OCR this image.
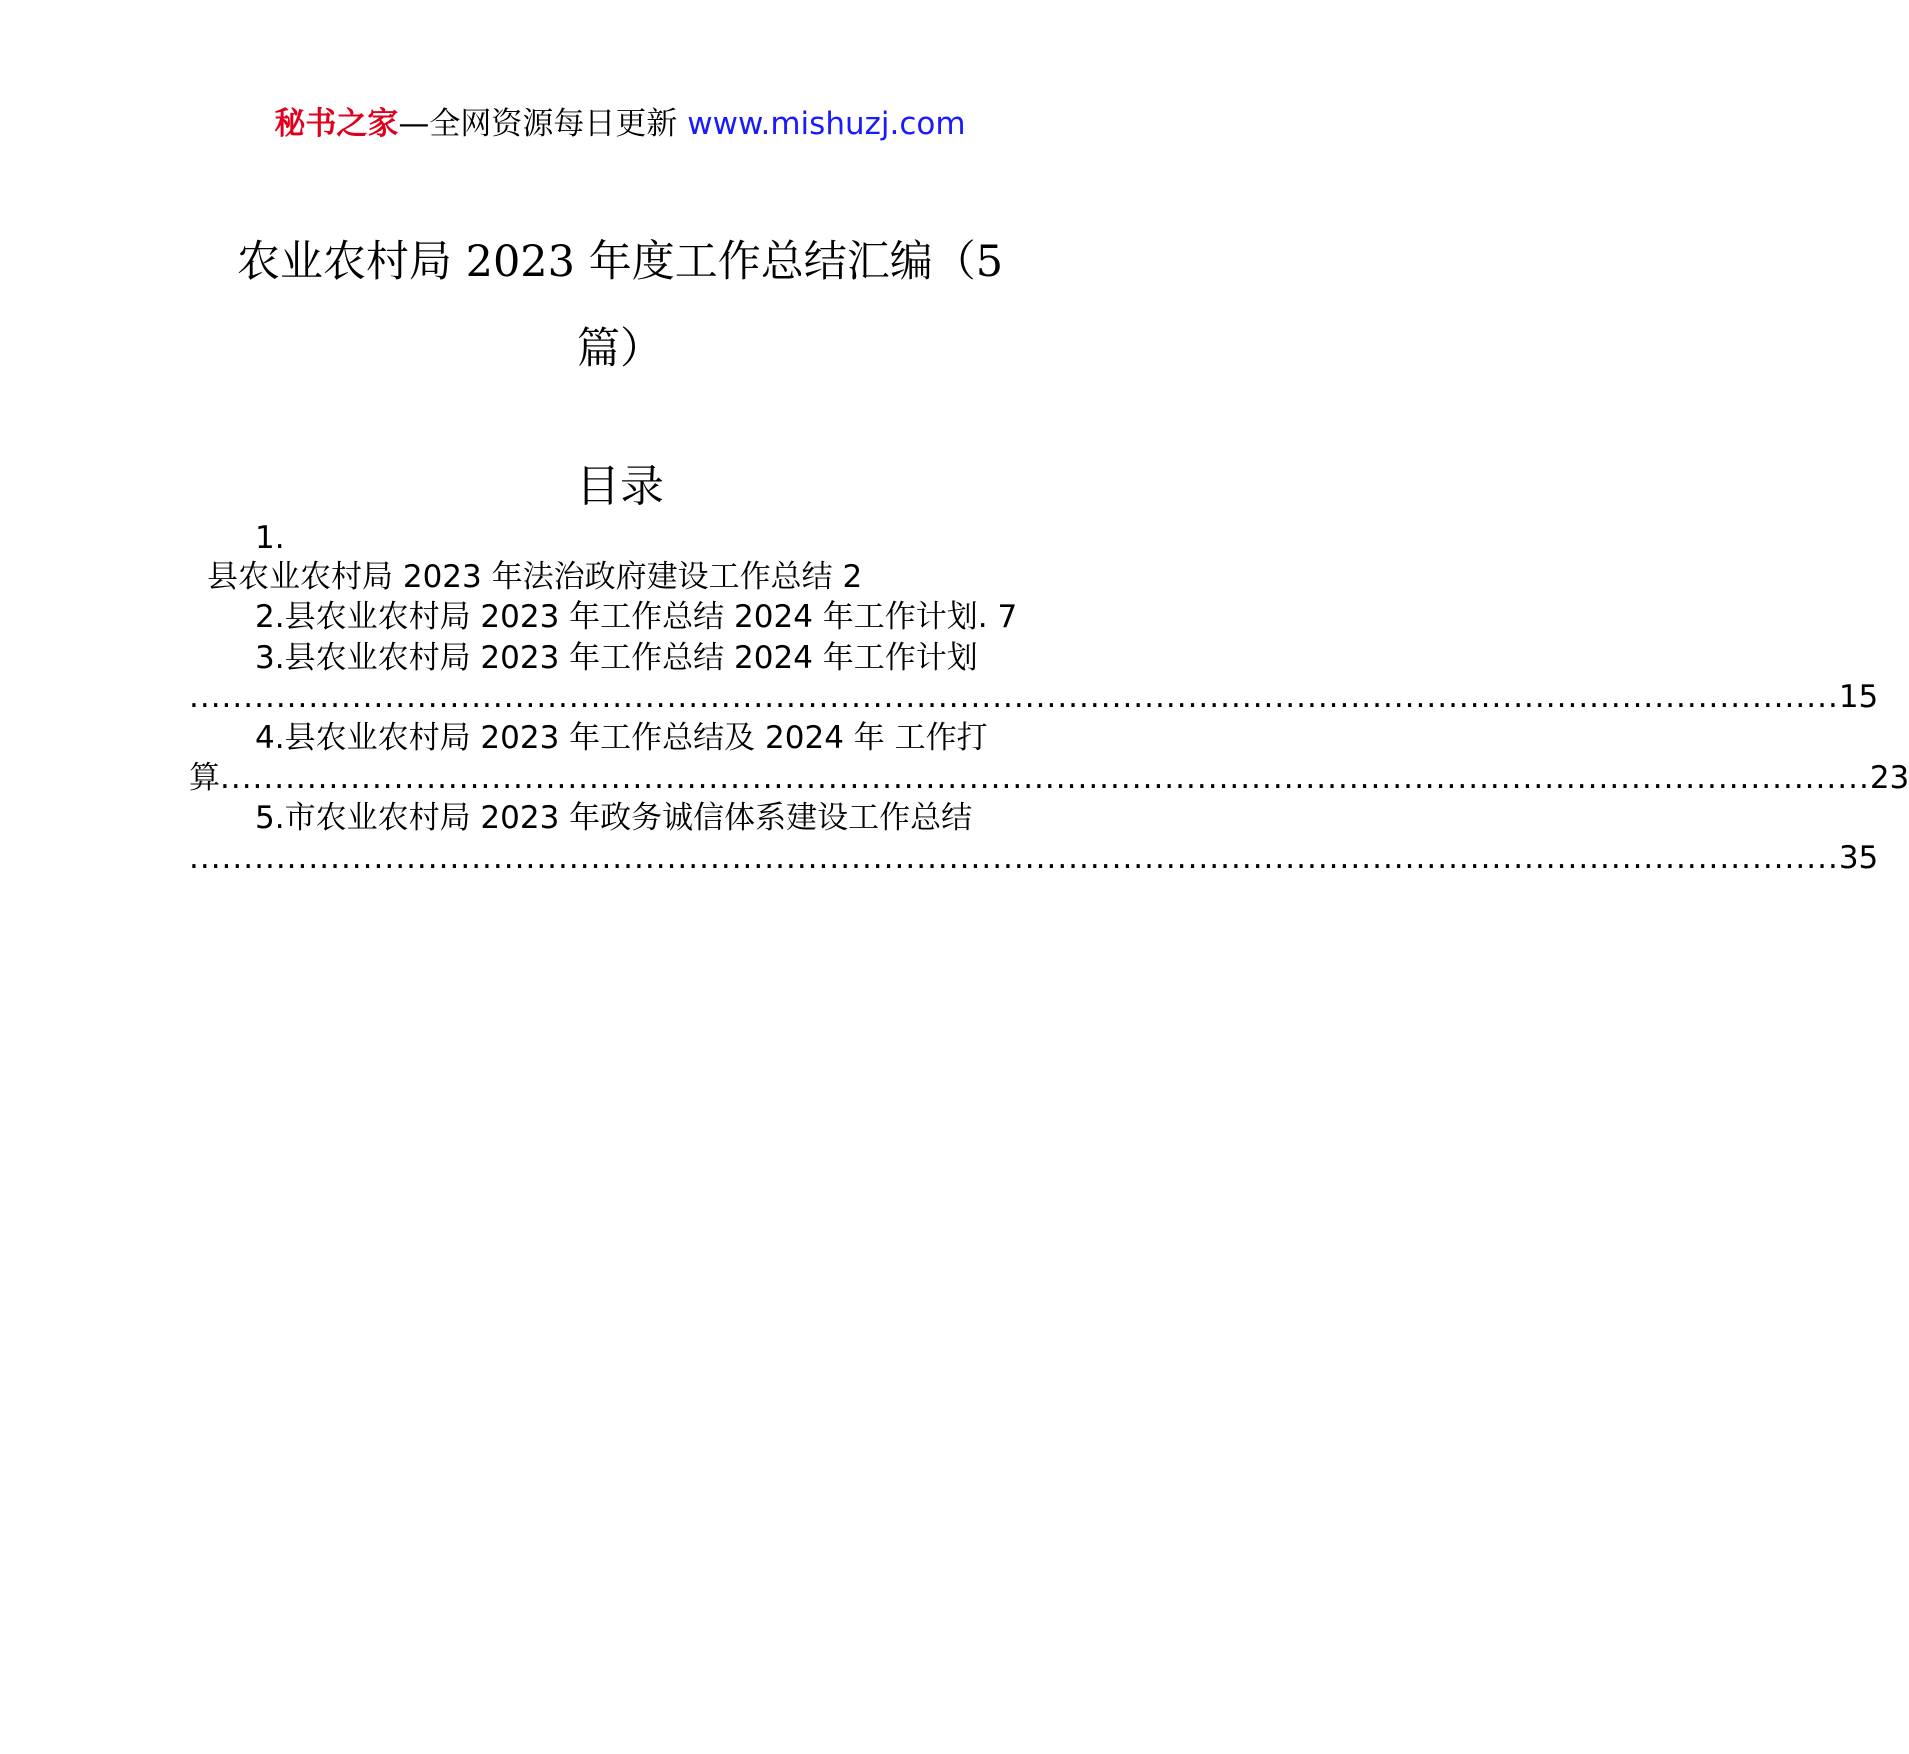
秘书之家—全网资源每日更新 www.mishuzj.com
农业农村局 2023 年度工作总结汇编（5
篇）
目录
1.
县农业农村局 2023 年法治政府建设工作总结 2
2.县农业农村局 2023 年工作总结 2024 年工作计划. 7
3.县农业农村局 2023 年工作总结 2024 年工作计划
........................................................................................................................................................ 15
4.县农业农村局 2023 年工作总结及 2024 年 工作打
算 ........................................................................................................................................................ 23
5.市农业农村局 2023 年政务诚信体系建设工作总结
........................................................................................................................................................ 35
